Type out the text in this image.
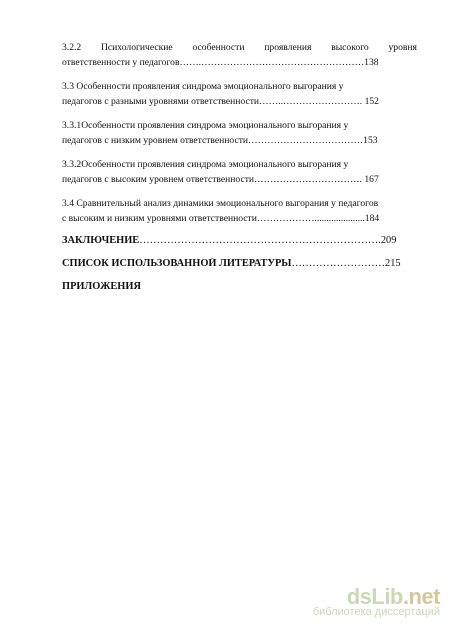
3.2.2 Психологические особенности проявления высокого уровня
ответственности у педагогов…….……………………………………………138
3.3 Особенности проявления синдрома эмоционального выгорания у
педагогов с разными уровнями ответственности……..……………………. 152
3.3.1Особенности проявления синдрома эмоционального выгорания у
педагогов с низким уровнем ответственности………………………………153
3.3.2Особенности проявления синдрома эмоционального выгорания у
педагогов с высоким уровнем ответственности……………………………. 167
3.4 Сравнительный анализ динамики эмоционального выгорания у педагогов
с высоким и низким уровнями ответственности……………….....................184
ЗАКЛЮЧЕНИЕ…………………………………………………………….209
СПИСОК ИСПОЛЬЗОВАННОЙ ЛИТЕРАТУРЫ………………………215
ПРИЛОЖЕНИЯ
dsLib.net
библиотека диссертаций
